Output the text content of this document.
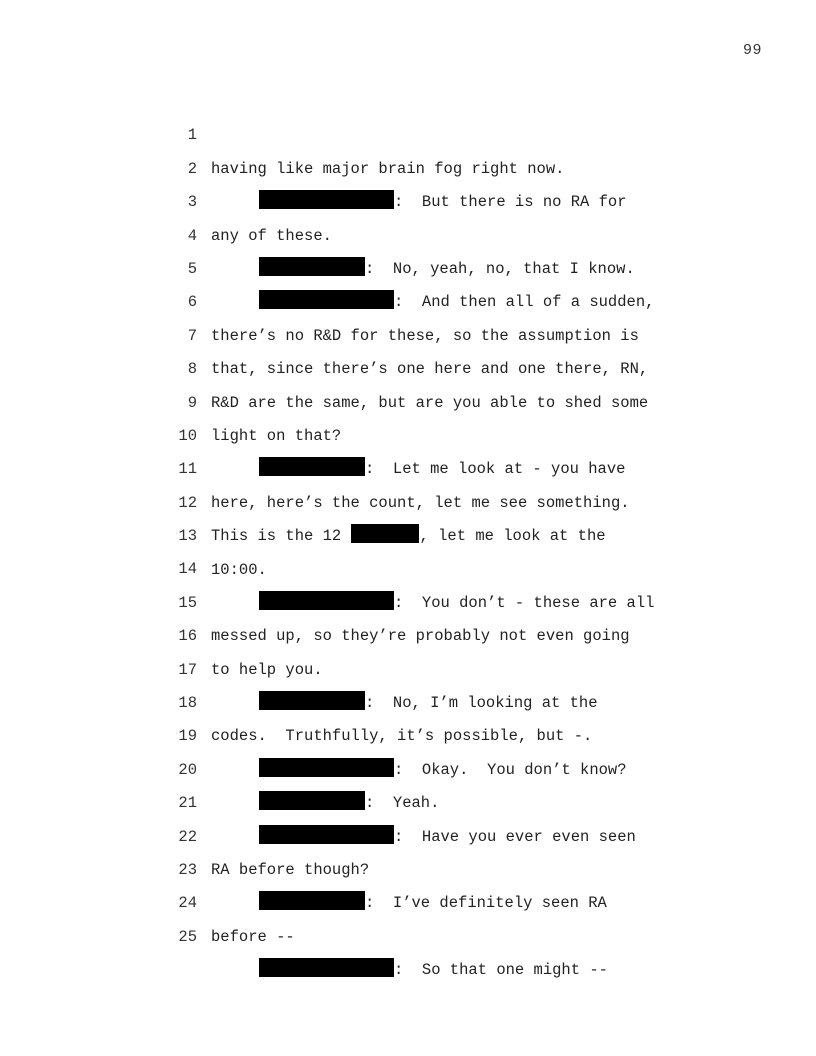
99

1

having like major brain fog right now.

2

:  But there is no RA for

3

any of these.

4

:  No, yeah, no, that I know.

5

:  And then all of a sudden,

6

there’s no R&D for these, so the assumption is

7

that, since there’s one here and one there, RN,

8

R&D are the same, but are you able to shed some

9

light on that?

10

:  Let me look at - you have

11

here, here’s the count, let me see something.

12

This is the 12	, let me look at the

13

10:00.

14

:  You don’t - these are all

15

messed up, so they’re probably not even going

16

to help you.

17

:  No, I’m looking at the

18

codes.  Truthfully, it’s possible, but -.

19

:  Okay.  You don’t know?

20

:  Yeah.

21

:  Have you ever even seen

22

RA before though?

23

:  I’ve definitely seen RA

24

before --

25

:  So that one might --
